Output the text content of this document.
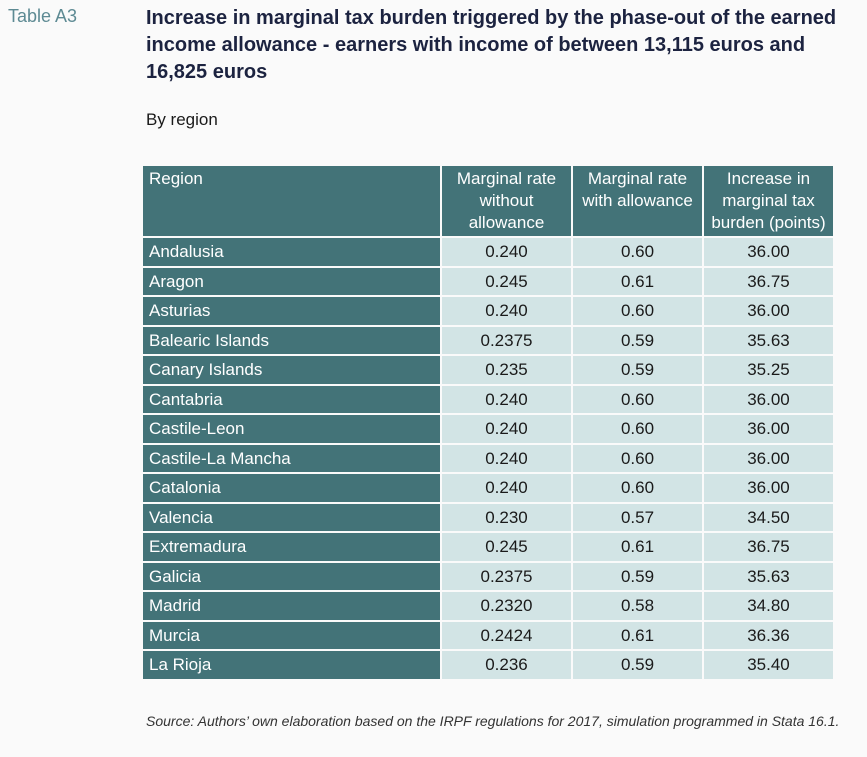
Table A3	Increase in marginal tax burden triggered by the phase-out of the earned income allowance - earners with income of between 13,115 euros and 16,825 euros
By region
Region	Marginal rate without allowance	Marginal rate with allowance	Increase in marginal tax burden (points)
Andalusia	0.240	0.60	36.00
Aragon	0.245	0.61	36.75
Asturias	0.240	0.60	36.00
Balearic Islands	0.2375	0.59	35.63
Canary Islands	0.235	0.59	35.25
Cantabria	0.240	0.60	36.00
Castile-Leon	0.240	0.60	36.00
Castile-La Mancha	0.240	0.60	36.00
Catalonia	0.240	0.60	36.00
Valencia	0.230	0.57	34.50
Extremadura	0.245	0.61	36.75
Galicia	0.2375	0.59	35.63
Madrid	0.2320	0.58	34.80
Murcia	0.2424	0.61	36.36
La Rioja	0.236	0.59	35.40
Source: Authors’ own elaboration based on the IRPF regulations for 2017, simulation programmed in Stata 16.1.
